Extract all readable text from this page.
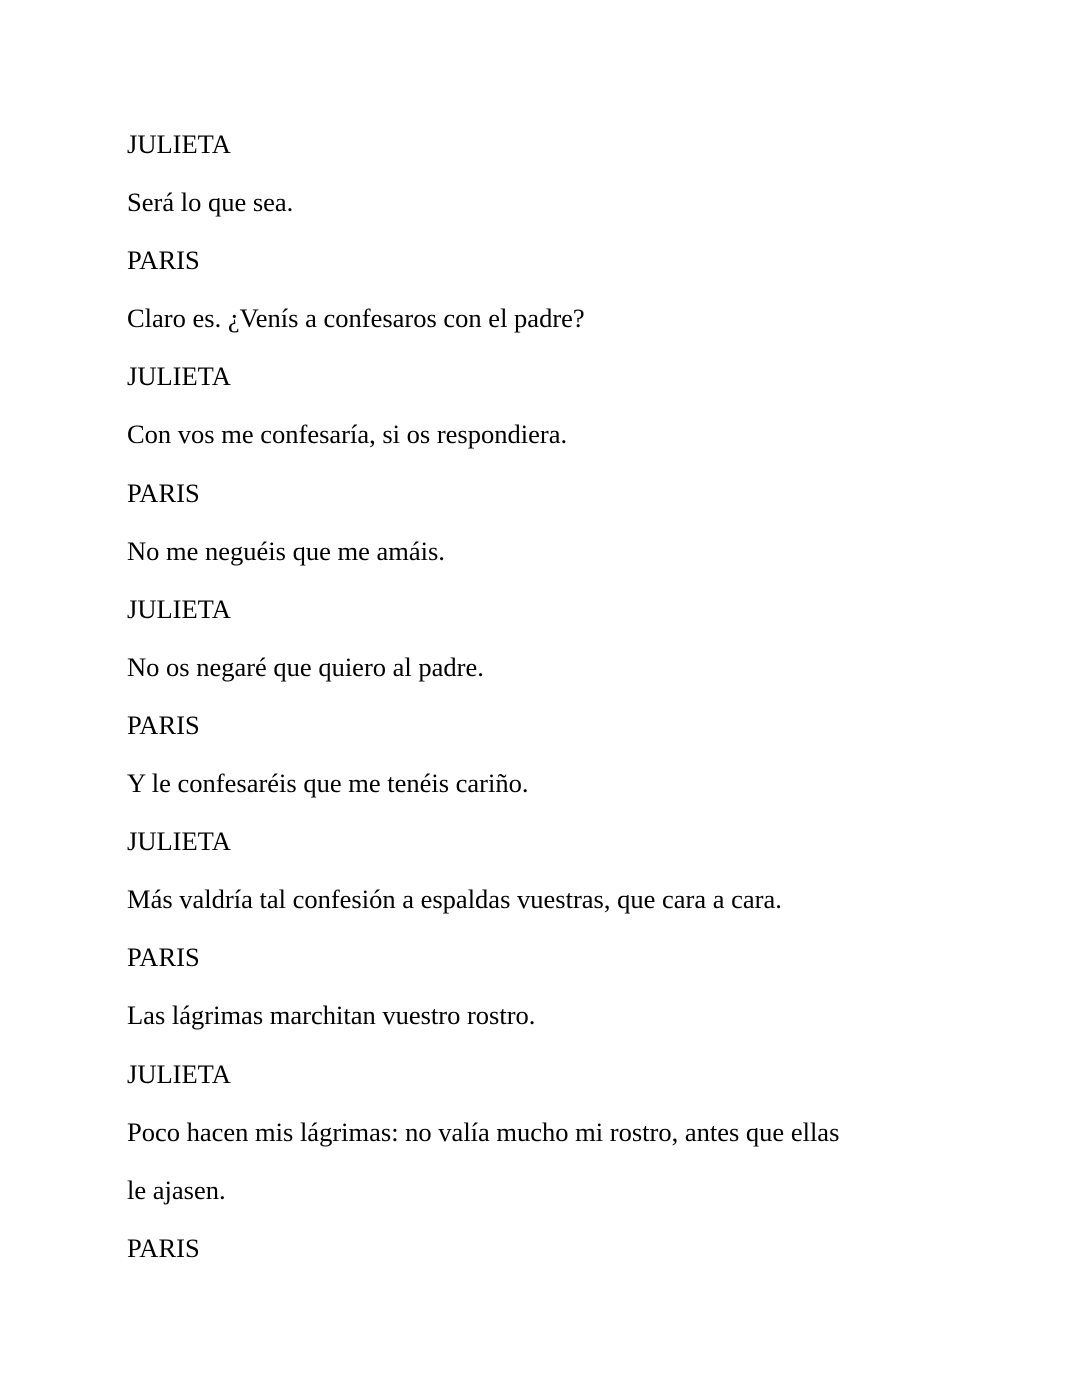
JULIETA
Será lo que sea.
PARIS
Claro es. ¿Venís a confesaros con el padre?
JULIETA
Con vos me confesaría, si os respondiera.
PARIS
No me neguéis que me amáis.
JULIETA
No os negaré que quiero al padre.
PARIS
Y le confesaréis que me tenéis cariño.
JULIETA
Más valdría tal confesión a espaldas vuestras, que cara a cara.
PARIS
Las lágrimas marchitan vuestro rostro.
JULIETA
Poco hacen mis lágrimas: no valía mucho mi rostro, antes que ellas
le ajasen.
PARIS
